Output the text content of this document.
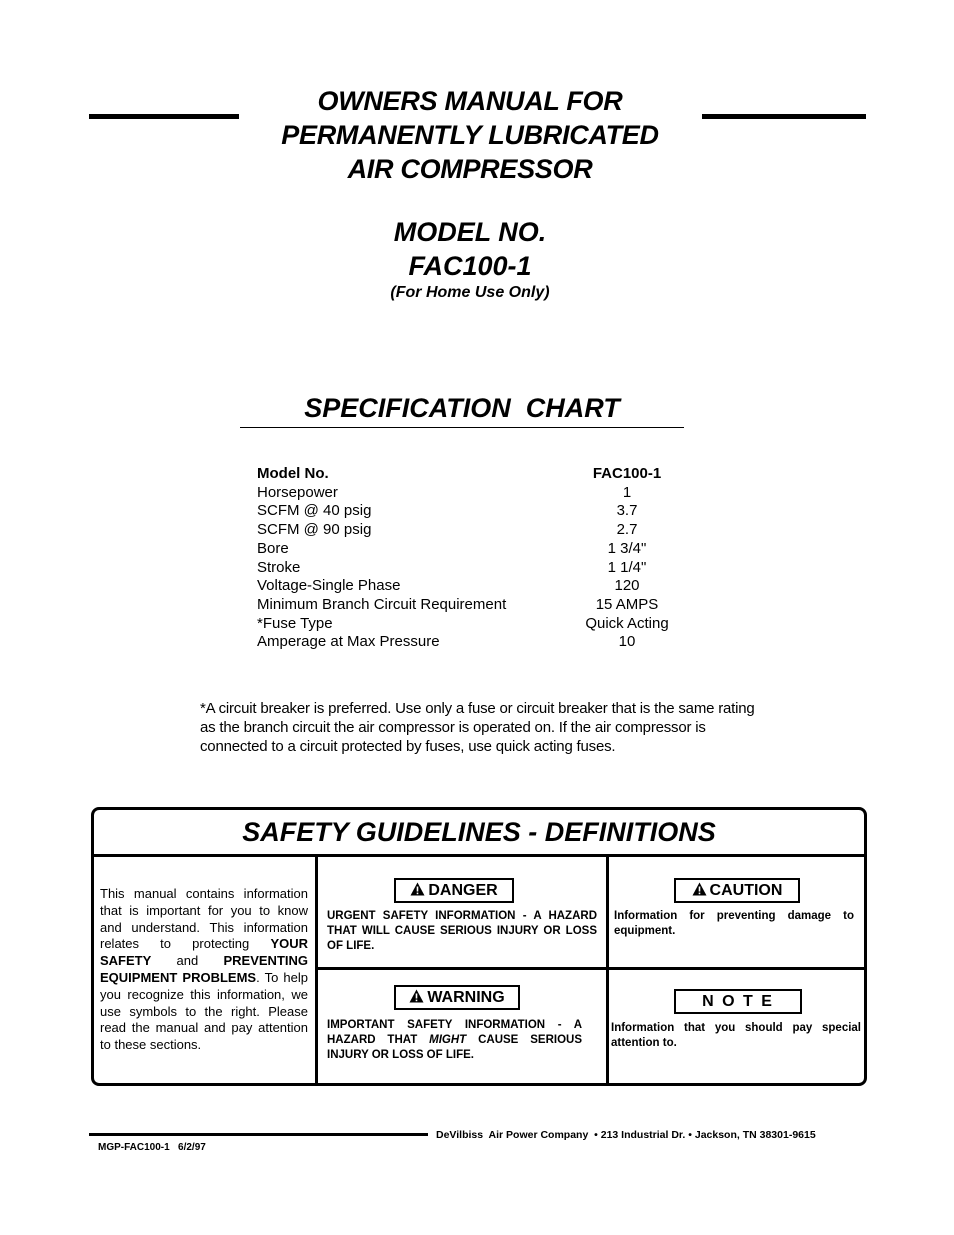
OWNERS MANUAL FOR
PERMANENTLY LUBRICATED
AIR COMPRESSOR
MODEL NO.
FAC100-1
(For Home Use Only)
SPECIFICATION  CHART
Model No.	FAC100-1
Horsepower	1
SCFM @ 40 psig	3.7
SCFM @ 90 psig	2.7
Bore	1 3/4"
Stroke	1 1/4"
Voltage-Single Phase	120
Minimum Branch Circuit Requirement	15 AMPS
*Fuse Type	Quick Acting
Amperage at Max Pressure	10
*A circuit breaker is preferred. Use only a fuse or circuit breaker that is the same rating as the branch circuit the air compressor is operated on. If the air compressor is connected to a circuit protected by fuses, use quick acting fuses.
SAFETY GUIDELINES - DEFINITIONS
This manual contains information that is important for you to know and understand. This information relates to protecting YOUR SAFETY and PREVENTING EQUIPMENT PROBLEMS. To help you recognize this information, we use symbols to the right. Please read the manual and pay attention to these sections.
DANGER
URGENT SAFETY INFORMATION - A HAZARD THAT WILL CAUSE SERIOUS INJURY OR LOSS OF LIFE.
CAUTION
Information for preventing damage to equipment.
WARNING
IMPORTANT SAFETY INFORMATION - A HAZARD THAT MIGHT CAUSE SERIOUS INJURY OR LOSS OF LIFE.
N O T E
Information that you should pay special attention to.
MGP-FAC100-1   6/2/97
DeVilbiss  Air Power Company  • 213 Industrial Dr. • Jackson, TN 38301-9615
